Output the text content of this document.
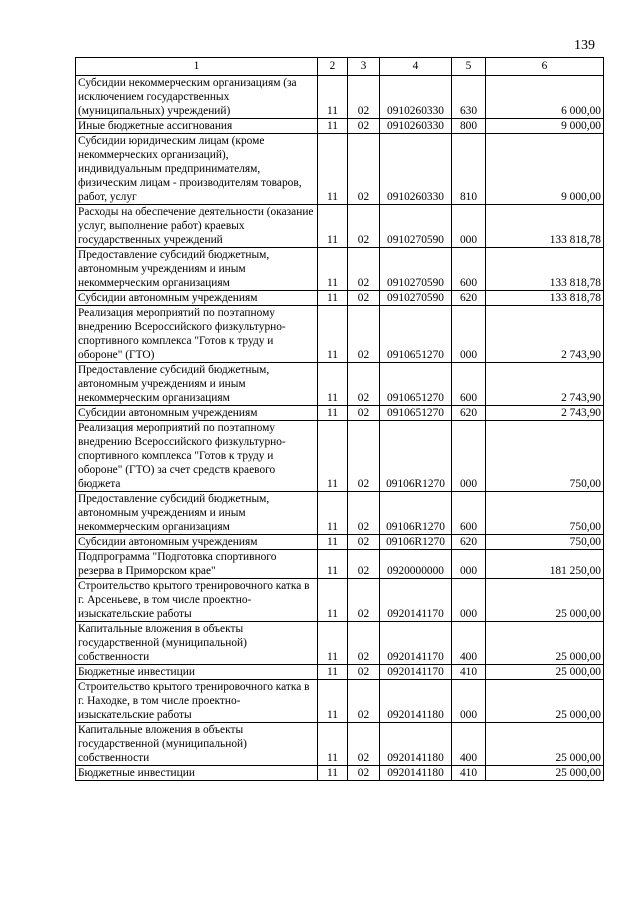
139
1	2	3	4	5	6
Субсидии некоммерческим организациям (за исключением государственных (муниципальных) учреждений)	11	02	0910260330	630	6 000,00
Иные бюджетные ассигнования	11	02	0910260330	800	9 000,00
Субсидии юридическим лицам (кроме некоммерческих организаций), индивидуальным предпринимателям, физическим лицам - производителям товаров, работ, услуг	11	02	0910260330	810	9 000,00
Расходы на обеспечение деятельности (оказание услуг, выполнение работ) краевых государственных учреждений	11	02	0910270590	000	133 818,78
Предоставление субсидий бюджетным, автономным учреждениям и иным некоммерческим организациям	11	02	0910270590	600	133 818,78
Субсидии автономным учреждениям	11	02	0910270590	620	133 818,78
Реализация мероприятий по поэтапному внедрению Всероссийского физкультурно-спортивного комплекса "Готов к труду и обороне" (ГТО)	11	02	0910651270	000	2 743,90
Предоставление субсидий бюджетным, автономным учреждениям и иным некоммерческим организациям	11	02	0910651270	600	2 743,90
Субсидии автономным учреждениям	11	02	0910651270	620	2 743,90
Реализация мероприятий по поэтапному внедрению Всероссийского физкультурно-спортивного комплекса "Готов к труду и обороне" (ГТО) за счет средств краевого бюджета	11	02	09106R1270	000	750,00
Предоставление субсидий бюджетным, автономным учреждениям и иным некоммерческим организациям	11	02	09106R1270	600	750,00
Субсидии автономным учреждениям	11	02	09106R1270	620	750,00
Подпрограмма "Подготовка спортивного резерва в Приморском крае"	11	02	0920000000	000	181 250,00
Строительство крытого тренировочного катка в г. Арсеньеве, в том числе проектно-изыскательские работы	11	02	0920141170	000	25 000,00
Капитальные вложения в объекты государственной (муниципальной) собственности	11	02	0920141170	400	25 000,00
Бюджетные инвестиции	11	02	0920141170	410	25 000,00
Строительство крытого тренировочного катка в г. Находке, в том числе проектно-изыскательские работы	11	02	0920141180	000	25 000,00
Капитальные вложения в объекты государственной (муниципальной) собственности	11	02	0920141180	400	25 000,00
Бюджетные инвестиции	11	02	0920141180	410	25 000,00
